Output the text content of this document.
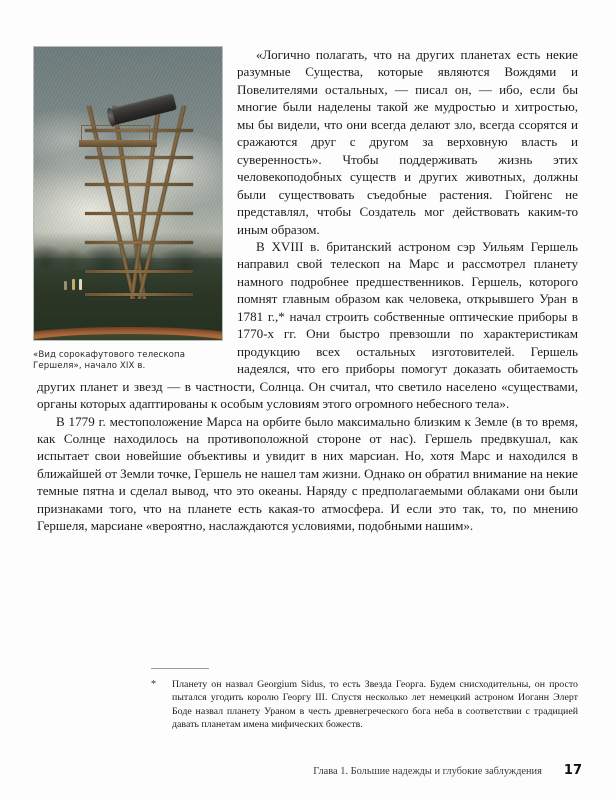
«Вид сорокафутового телескопа Гершеля», начало XIX в.

«Логично полагать, что на других планетах есть некие разумные Существа, которые являются Вождями и Повелителями остальных, — писал он, — ибо, если бы многие были наделены такой же мудростью и хитростью, мы бы видели, что они всегда делают зло, всегда ссорятся и сражаются друг с другом за верховную власть и суверенность». Чтобы поддерживать жизнь этих человекоподобных существ и других животных, должны были существовать съедобные растения. Гюйгенс не представлял, чтобы Создатель мог действовать каким-то иным образом.

В XVIII в. британский астроном сэр Уильям Гершель направил свой телескоп на Марс и рассмотрел планету намного подробнее предшественников. Гершель, которого помнят главным образом как человека, открывшего Уран в 1781 г.,* начал строить собственные оптические приборы в 1770-х гг. Они быстро превзошли по характеристикам продукцию всех остальных изготовителей. Гершель надеялся, что его приборы помогут доказать обитаемость других планет и звезд — в частности, Солнца. Он считал, что светило населено «существами, органы которых адаптированы к особым условиям этого огромного небесного тела».

В 1779 г. местоположение Марса на орбите было максимально близким к Земле (в то время, как Солнце находилось на противоположной стороне от нас). Гершель предвкушал, как испытает свои новейшие объективы и увидит в них марсиан. Но, хотя Марс и находился в ближайшей от Земли точке, Гершель не нашел там жизни. Однако он обратил внимание на некие темные пятна и сделал вывод, что это океаны. Наряду с предполагаемыми облаками они были признаками того, что на планете есть какая-то атмосфера. И если это так, то, по мнению Гершеля, марсиане «вероятно, наслаждаются условиями, подобными нашим».

* Планету он назвал Georgium Sidus, то есть Звезда Георга. Будем снисходительны, он просто пытался угодить королю Георгу III. Спустя несколько лет немецкий астроном Иоганн Элерт Боде назвал планету Ураном в честь древнегреческого бога неба в соответствии с традицией давать планетам имена мифических божеств.
Глава 1. Большие надежды и глубокие заблуждения 17
